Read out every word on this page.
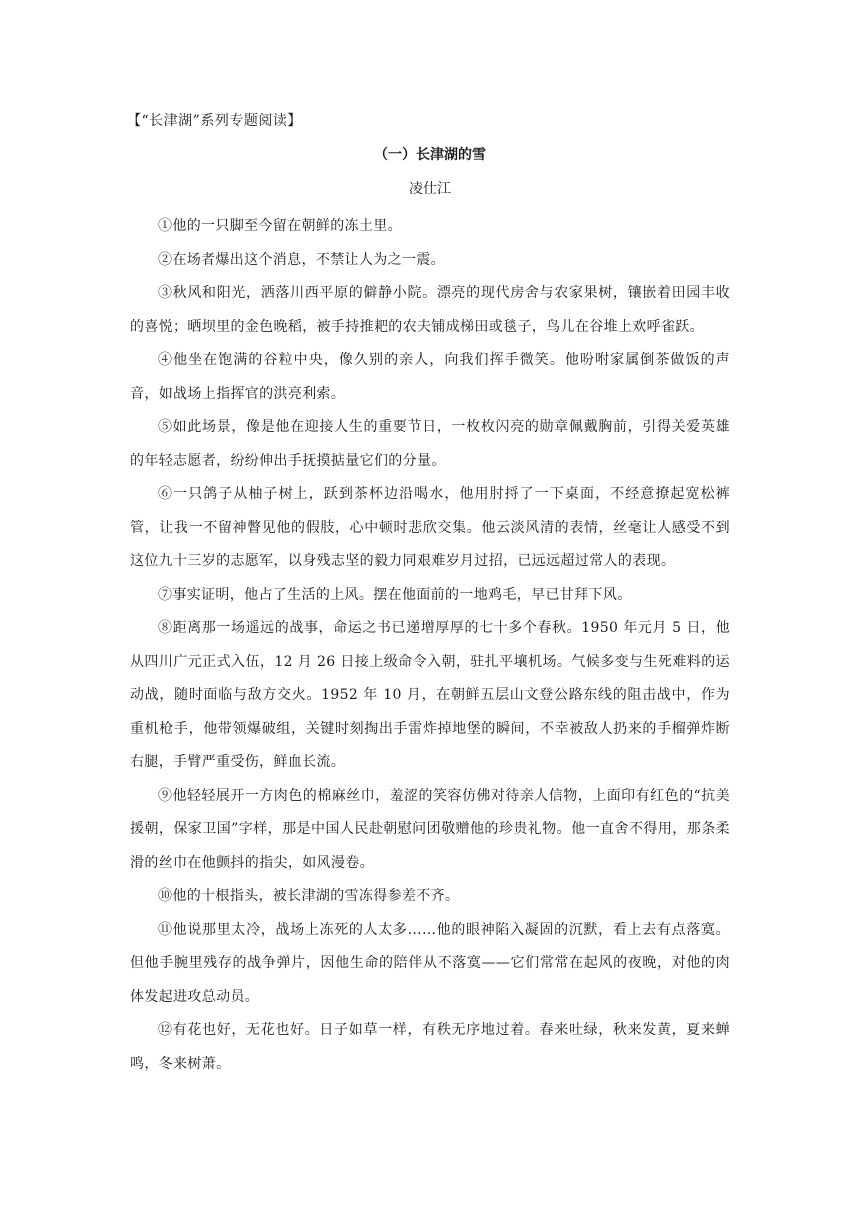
【“长津湖”系列专题阅读】
（一）长津湖的雪
凌仕江

①他的一只脚至今留在朝鲜的冻土里。

②在场者爆出这个消息，不禁让人为之一震。

③秋风和阳光，洒落川西平原的僻静小院。漂亮的现代房舍与农家果树，镶嵌着田园丰收的喜悦；晒坝里的金色晚稻，被手持推耙的农夫铺成梯田或毯子，鸟儿在谷堆上欢呼雀跃。

④他坐在饱满的谷粒中央，像久别的亲人，向我们挥手微笑。他吩咐家属倒茶做饭的声音，如战场上指挥官的洪亮利索。

⑤如此场景，像是他在迎接人生的重要节日，一枚枚闪亮的勋章佩戴胸前，引得关爱英雄的年轻志愿者，纷纷伸出手抚摸掂量它们的分量。

⑥一只鸽子从柚子树上，跃到茶杯边沿喝水，他用肘捋了一下桌面，不经意撩起宽松裤管，让我一不留神瞥见他的假肢，心中顿时悲欣交集。他云淡风清的表情，丝毫让人感受不到这位九十三岁的志愿军，以身残志坚的毅力同艰难岁月过招，已远远超过常人的表现。

⑦事实证明，他占了生活的上风。摆在他面前的一地鸡毛，早已甘拜下风。

⑧距离那一场遥远的战事，命运之书已递增厚厚的七十多个春秋。1950 年元月 5 日，他从四川广元正式入伍，12 月 26 日接上级命令入朝，驻扎平壤机场。气候多变与生死难料的运动战，随时面临与敌方交火。1952 年 10 月，在朝鲜五层山文登公路东线的阻击战中，作为重机枪手，他带领爆破组，关键时刻掏出手雷炸掉地堡的瞬间，不幸被敌人扔来的手榴弹炸断右腿，手臂严重受伤，鲜血长流。

⑨他轻轻展开一方肉色的棉麻丝巾，羞涩的笑容仿佛对待亲人信物，上面印有红色的“抗美援朝，保家卫国”字样，那是中国人民赴朝慰问团敬赠他的珍贵礼物。他一直舍不得用，那条柔滑的丝巾在他颤抖的指尖，如风漫卷。

⑩他的十根指头，被长津湖的雪冻得参差不齐。

⑪他说那里太冷，战场上冻死的人太多……他的眼神陷入凝固的沉默，看上去有点落寞。但他手腕里残存的战争弹片，因他生命的陪伴从不落寞——它们常常在起风的夜晚，对他的肉体发起进攻总动员。

⑫有花也好，无花也好。日子如草一样，有秩无序地过着。春来吐绿，秋来发黄，夏来蝉鸣，冬来树萧。
